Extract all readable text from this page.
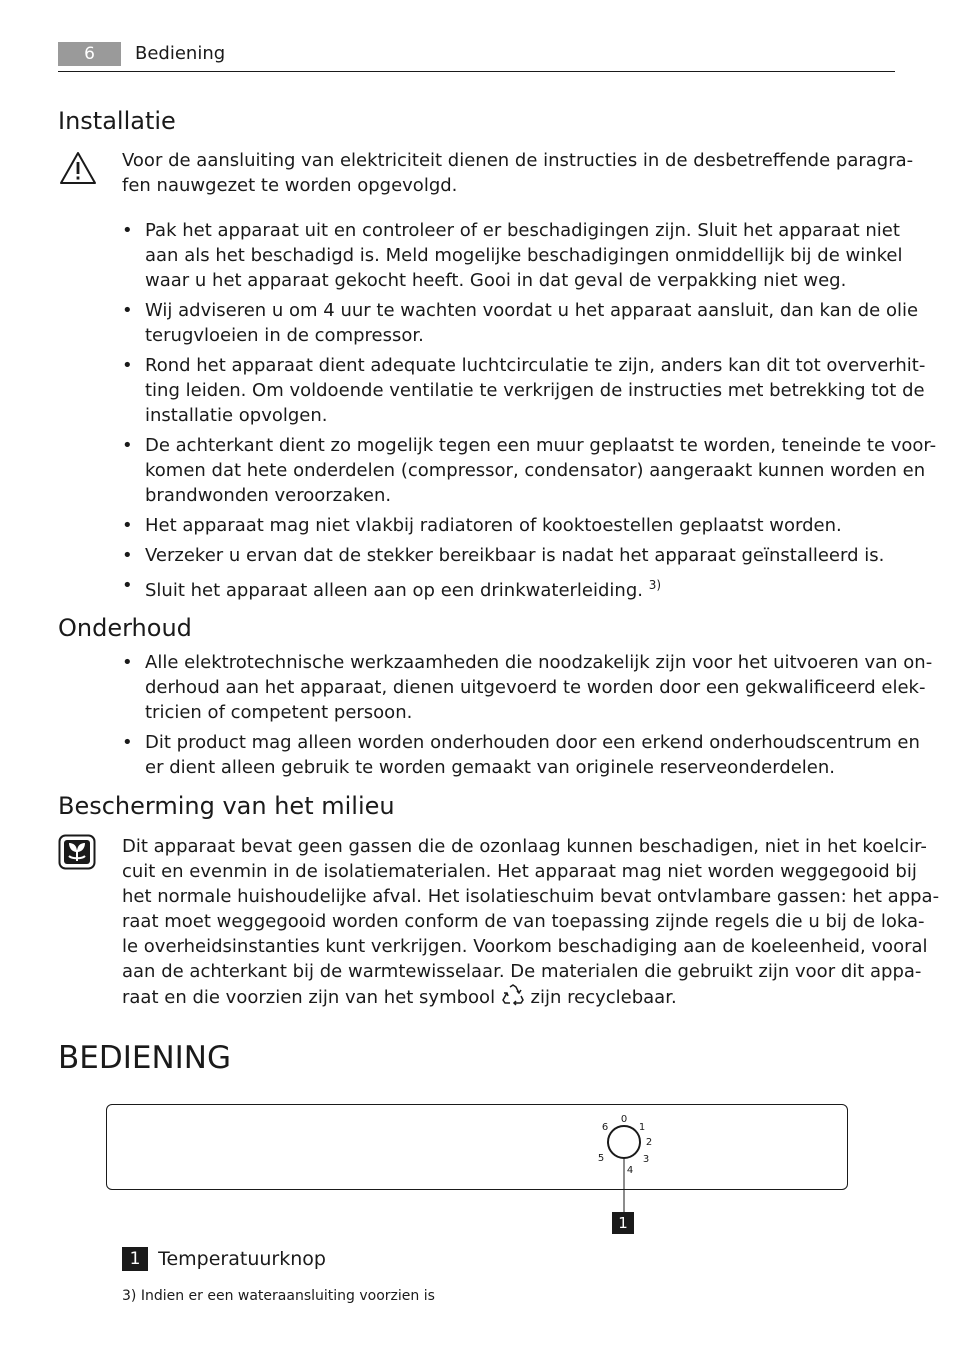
6	Bediening
Installatie
Voor de aansluiting van elektriciteit dienen de instructies in de desbetreffende paragra-
fen nauwgezet te worden opgevolgd.
• Pak het apparaat uit en controleer of er beschadigingen zijn. Sluit het apparaat niet
aan als het beschadigd is. Meld mogelijke beschadigingen onmiddellijk bij de winkel
waar u het apparaat gekocht heeft. Gooi in dat geval de verpakking niet weg.
• Wij adviseren u om 4 uur te wachten voordat u het apparaat aansluit, dan kan de olie
terugvloeien in de compressor.
• Rond het apparaat dient adequate luchtcirculatie te zijn, anders kan dit tot oververhit-
ting leiden. Om voldoende ventilatie te verkrijgen de instructies met betrekking tot de
installatie opvolgen.
• De achterkant dient zo mogelijk tegen een muur geplaatst te worden, teneinde te voor-
komen dat hete onderdelen (compressor, condensator) aangeraakt kunnen worden en
brandwonden veroorzaken.
• Het apparaat mag niet vlakbij radiatoren of kooktoestellen geplaatst worden.
• Verzeker u ervan dat de stekker bereikbaar is nadat het apparaat geïnstalleerd is.
• Sluit het apparaat alleen aan op een drinkwaterleiding. $^{3)}$
Onderhoud
• Alle elektrotechnische werkzaamheden die noodzakelijk zijn voor het uitvoeren van on-
derhoud aan het apparaat, dienen uitgevoerd te worden door een gekwalificeerd elek-
tricien of competent persoon.
• Dit product mag alleen worden onderhouden door een erkend onderhoudscentrum en
er dient alleen gebruik te worden gemaakt van originele reserveonderdelen.
Bescherming van het milieu
Dit apparaat bevat geen gassen die de ozonlaag kunnen beschadigen, niet in het koelcir-
cuit en evenmin in de isolatiematerialen. Het apparaat mag niet worden weggegooid bij
het normale huishoudelijke afval. Het isolatieschuim bevat ontvlambare gassen: het appa-
raat moet weggegooid worden conform de van toepassing zijnde regels die u bij de loka-
le overheidsinstanties kunt verkrijgen. Voorkom beschadiging aan de koeleenheid, vooral
aan de achterkant bij de warmtewisselaar. De materialen die gebruikt zijn voor dit appa-
raat en die voorzien zijn van het symbool zijn recyclebaar.
BEDIENING
0
1
2
3
4
5
6
1
1 Temperatuurknop
3) Indien er een wateraansluiting voorzien is
